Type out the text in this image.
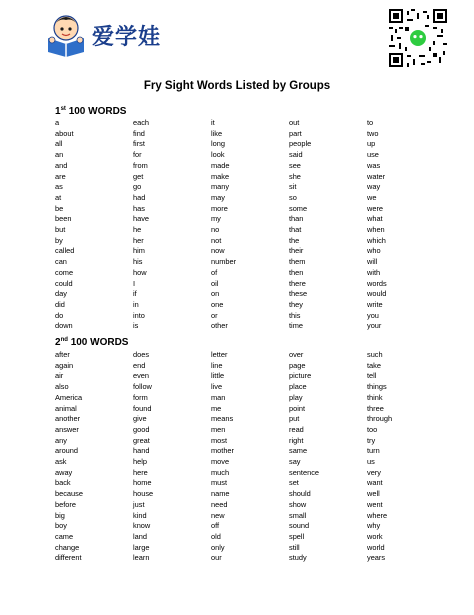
爱学娃
Fry Sight Words Listed by Groups
1st 100 WORDS
a	each	it	out	to
about	find	like	part	two
all	first	long	people	up
an	for	look	said	use
and	from	made	see	was
are	get	make	she	water
as	go	many	sit	way
at	had	may	so	we
be	has	more	some	were
been	have	my	than	what
but	he	no	that	when
by	her	not	the	which
called	him	now	their	who
can	his	number	them	will
come	how	of	then	with
could	I	oil	there	words
day	if	on	these	would
did	in	one	they	write
do	into	or	this	you
down	is	other	time	your
2nd 100 WORDS
after	does	letter	over	such
again	end	line	page	take
air	even	little	picture	tell
also	follow	live	place	things
America	form	man	play	think
animal	found	me	point	three
another	give	means	put	through
answer	good	men	read	too
any	great	most	right	try
around	hand	mother	same	turn
ask	help	move	say	us
away	here	much	sentence	very
back	home	must	set	want
because	house	name	should	well
before	just	need	show	went
big	kind	new	small	where
boy	know	off	sound	why
came	land	old	spell	work
change	large	only	still	world
different	learn	our	study	years
